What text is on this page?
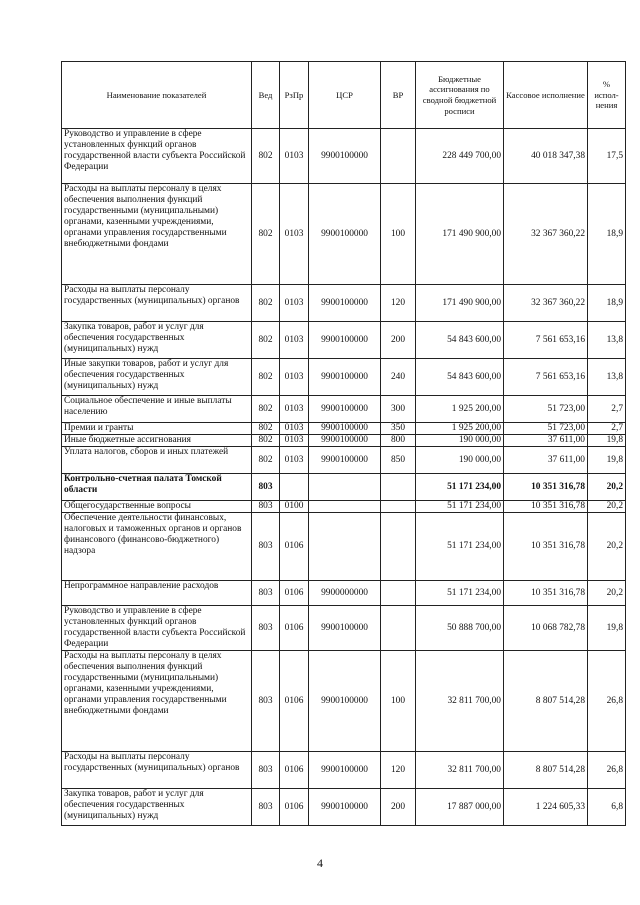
Наименование показателей	Вед	РзПр	ЦСР	ВР	Бюджетные ассигнования по сводной бюджетной росписи	Кассовое исполнение	% испол-нения
Руководство и управление в сфере установленных функций органов государственной власти субъекта Российской Федерации	802	0103	9900100000		228 449 700,00	40 018 347,38	17,5
Расходы на выплаты персоналу в целях обеспечения выполнения функций государственными (муниципальными) органами, казенными учреждениями, органами управления государственными внебюджетными фондами	802	0103	9900100000	100	171 490 900,00	32 367 360,22	18,9
Расходы на выплаты персоналу государственных (муниципальных) органов	802	0103	9900100000	120	171 490 900,00	32 367 360,22	18,9
Закупка товаров, работ и услуг для обеспечения государственных (муниципальных) нужд	802	0103	9900100000	200	54 843 600,00	7 561 653,16	13,8
Иные закупки товаров, работ и услуг для обеспечения государственных (муниципальных) нужд	802	0103	9900100000	240	54 843 600,00	7 561 653,16	13,8
Социальное обеспечение и иные выплаты населению	802	0103	9900100000	300	1 925 200,00	51 723,00	2,7
Премии и гранты	802	0103	9900100000	350	1 925 200,00	51 723,00	2,7
Иные бюджетные ассигнования	802	0103	9900100000	800	190 000,00	37 611,00	19,8
Уплата налогов, сборов и иных платежей	802	0103	9900100000	850	190 000,00	37 611,00	19,8
Контрольно-счетная палата Томской области	803				51 171 234,00	10 351 316,78	20,2
Общегосударственные вопросы	803	0100			51 171 234,00	10 351 316,78	20,2
Обеспечение деятельности финансовых, налоговых и таможенных органов и органов финансового (финансово-бюджетного) надзора	803	0106			51 171 234,00	10 351 316,78	20,2
Непрограммное направление расходов	803	0106	9900000000		51 171 234,00	10 351 316,78	20,2
Руководство и управление в сфере установленных функций органов государственной власти субъекта Российской Федерации	803	0106	9900100000		50 888 700,00	10 068 782,78	19,8
Расходы на выплаты персоналу в целях обеспечения выполнения функций государственными (муниципальными) органами, казенными учреждениями, органами управления государственными внебюджетными фондами	803	0106	9900100000	100	32 811 700,00	8 807 514,28	26,8
Расходы на выплаты персоналу государственных (муниципальных) органов	803	0106	9900100000	120	32 811 700,00	8 807 514,28	26,8
Закупка товаров, работ и услуг для обеспечения государственных (муниципальных) нужд	803	0106	9900100000	200	17 887 000,00	1 224 605,33	6,8
4
